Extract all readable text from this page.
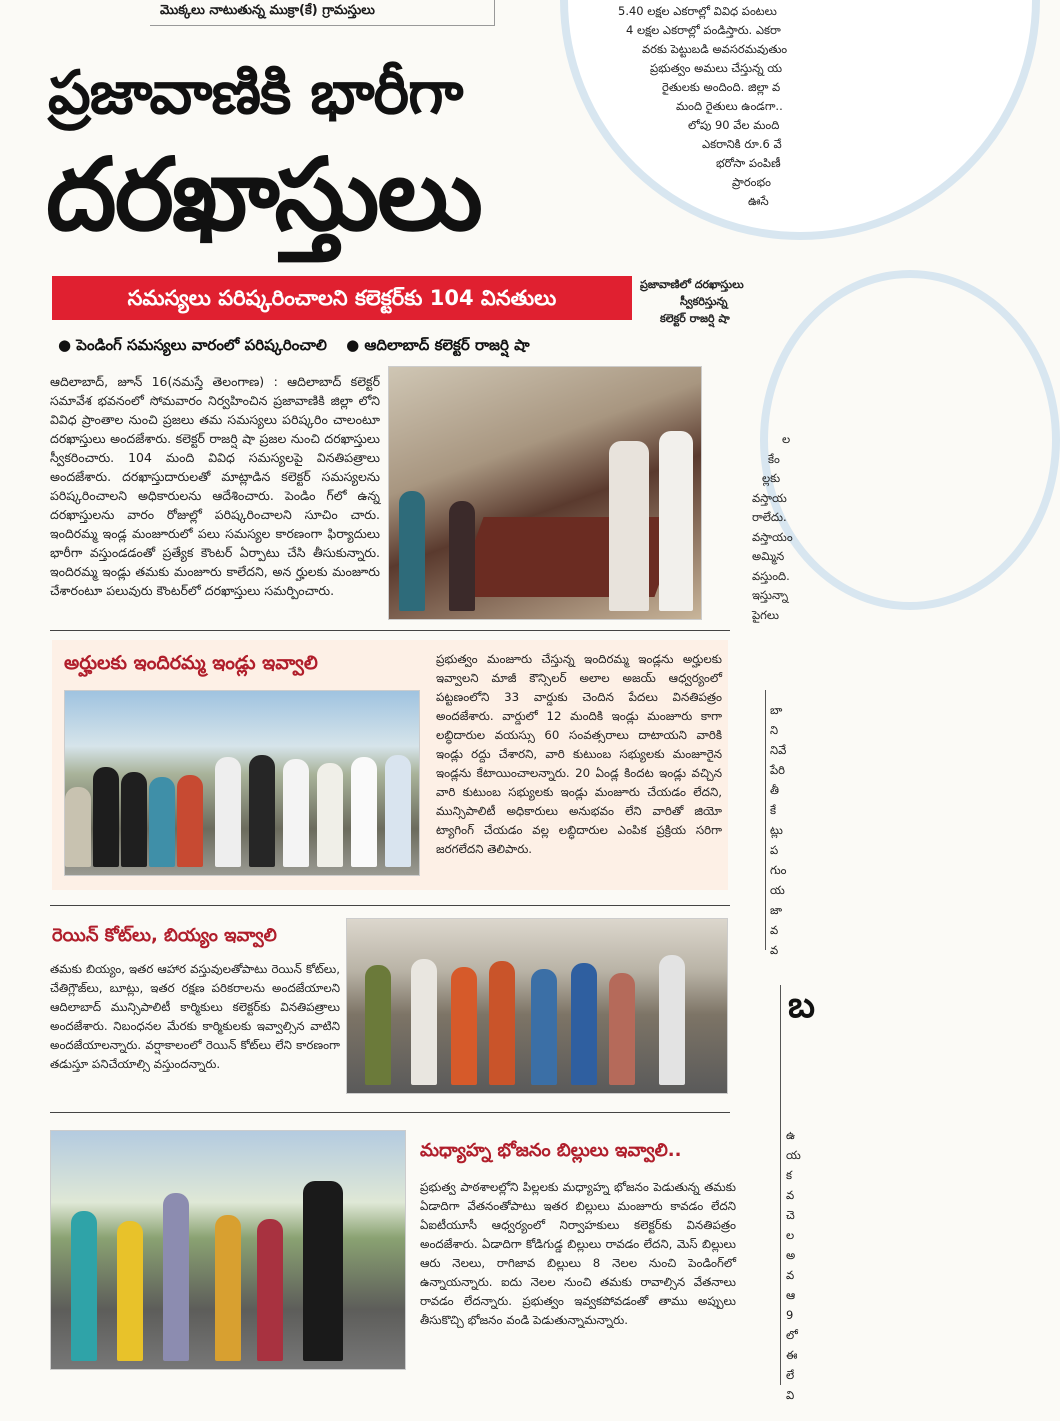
మొక్కలు నాటుతున్న ముక్రా(కే) గ్రామస్తులు	5.40 లక్షల ఎకరాల్లో వివిధ పంటలు
4 లక్షల ఎకరాల్లో పండిస్తారు. ఎకరా
వరకు పెట్టుబడి అవసరమవుతుం
ప్రభుత్వం అమలు చేస్తున్న య
రైతులకు అందింది. జిల్లా వ
మంది రైతులు ఉండగా..
లోపు 90 వేల మంది
ఎకరానికి రూ.6 వే
భరోసా పంపిణీ
ప్రారంభం
ఊసే
ప్రజావాణికి భారీగా
దరఖాస్తులు
సమస్యలు పరిష్కరించాలని కలెక్టర్‌కు 104 వినతులు
ప్రజావాణిలో దరఖాస్తులు
స్వీకరిస్తున్న
కలెక్టర్ రాజర్షి షా
● పెండింగ్ సమస్యలు వారంలో పరిష్కరించాలి ● ఆదిలాబాద్ కలెక్టర్ రాజర్షి షా
ఆదిలాబాద్, జూన్ 16(నమస్తే తెలంగాణ) : ఆదిలాబాద్ కలెక్టర్ సమావేశ భవనంలో సోమవారం నిర్వహించిన ప్రజావాణికి జిల్లా లోని వివిధ ప్రాంతాల నుంచి ప్రజలు తమ సమస్యలు పరిష్కరిం చాలంటూ దరఖాస్తులు అందజేశారు. కలెక్టర్ రాజర్షి షా ప్రజల నుంచి దరఖాస్తులు స్వీకరించారు. 104 మంది వివిధ సమస్యలపై వినతిపత్రాలు అందజేశారు. దరఖాస్తుదారులతో మాట్లాడిన కలెక్టర్ సమస్యలను పరిష్కరించాలని అధికారులను ఆదేశించారు. పెండిం గ్‌లో ఉన్న దరఖాస్తులను వారం రోజుల్లో పరిష్కరించాలని సూచిం చారు. ఇందిరమ్మ ఇండ్ల మంజూరులో పలు సమస్యల కారణంగా ఫిర్యాదులు భారీగా వస్తుండడంతో ప్రత్యేక కౌంటర్ ఏర్పాటు చేసి తీసుకున్నారు. ఇందిరమ్మ ఇండ్లు తమకు మంజూరు కాలేదని, అన ర్హులకు మంజూరు చేశారంటూ పలువురు కౌంటర్‌లో దరఖాస్తులు సమర్పించారు.
ల
కేం
ల్లకు
వస్తాయ
రాలేదు.
వస్తాయం
అమ్మిన
వస్తుంది.
ఇస్తున్నా
పైగలు
అర్హులకు ఇందిరమ్మ ఇండ్లు ఇవ్వాలి	ప్రభుత్వం మంజూరు చేస్తున్న ఇందిరమ్మ ఇండ్లను అర్హులకు ఇవ్వాలని మాజీ కౌన్సిలర్ అలాల అజయ్ ఆధ్వర్యంలో పట్టణంలోని 33 వార్డుకు చెందిన పేదలు వినతిపత్రం అందజేశారు. వార్డులో 12 మందికి ఇండ్లు మంజూరు కాగా లబ్ధిదారుల వయస్సు 60 సంవత్సరాలు దాటాయని వారికి ఇండ్లు రద్దు చేశారని, వారి కుటుంబ సభ్యులకు మంజూరైన ఇండ్లను కేటాయించాలన్నారు. 20 ఏండ్ల కిందట ఇండ్లు వచ్చిన వారి కుటుంబ సభ్యులకు ఇండ్లు మంజూరు చేయడం లేదని, మున్సిపాలిటీ అధికారులు అనుభవం లేని వారితో జియో ట్యాగింగ్ చేయడం వల్ల లబ్ధిదారుల ఎంపిక ప్రక్రియ సరిగా జరగలేదని తెలిపారు.
బా
ని
నివే
పేరి
తీ
కే
ట్లు
ప
గుం
య
జా
వ
వ
రెయిన్ కోట్‌లు, బియ్యం ఇవ్వాలి
తమకు బియ్యం, ఇతర ఆహార వస్తువులతోపాటు రెయిన్ కోట్‌లు, చేతిగ్లౌజ్‌లు, బూట్లు, ఇతర రక్షణ పరికరాలను అందజేయాలని ఆదిలాబాద్ మున్సిపాలిటీ కార్మికులు కలెక్టర్‌కు వినతిపత్రాలు అందజేశారు. నిబంధనల మేరకు కార్మికులకు ఇవ్వాల్సిన వాటిని అందజేయాలన్నారు. వర్షాకాలంలో రెయిన్ కోట్‌లు లేని కారణంగా తడుస్తూ పనిచేయాల్సి వస్తుందన్నారు.
బ
మధ్యాహ్న భోజనం బిల్లులు ఇవ్వాలి..
ప్రభుత్వ పాఠశాలల్లోని పిల్లలకు మధ్యాహ్న భోజనం పెడుతున్న తమకు ఏడాదిగా వేతనంతోపాటు ఇతర బిల్లులు మంజూరు కావడం లేదని ఏఐటీయూసీ ఆధ్వర్యంలో నిర్వాహకులు కలెక్టర్‌కు వినతిపత్రం అందజేశారు. ఏడాదిగా కోడిగుడ్డ బిల్లులు రావడం లేదని, మెస్ బిల్లులు ఆరు నెలలు, రాగిజావ బిల్లులు 8 నెలల నుంచి పెండింగ్‌లో ఉన్నాయన్నారు. ఐదు నెలల నుంచి తమకు రావాల్సిన వేతనాలు రావడం లేదన్నారు. ప్రభుత్వం ఇవ్వకపోవడంతో తాము అప్పులు తీసుకొచ్చి భోజనం వండి పెడుతున్నామన్నారు.
ఉ
య
క
వ
చె
ల
అ
వ
ఆ
9
లో
ఈ
లే
వి
